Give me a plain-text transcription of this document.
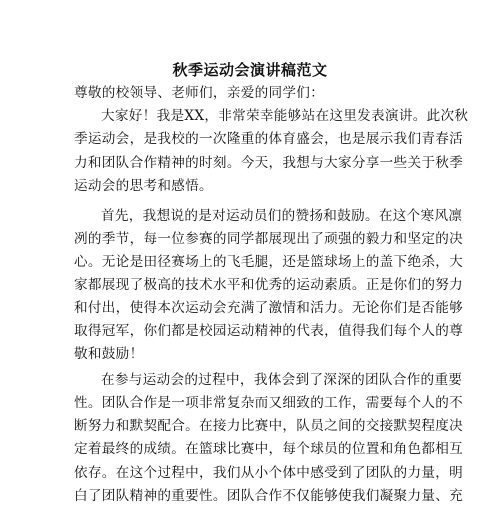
秋季运动会演讲稿范文
尊敬的校领导、老师们，亲爱的同学们：
大家好！我是XX，非常荣幸能够站在这里发表演讲。此次秋
季运动会，是我校的一次隆重的体育盛会，也是展示我们青春活
力和团队合作精神的时刻。今天，我想与大家分享一些关于秋季
运动会的思考和感悟。
首先，我想说的是对运动员们的赞扬和鼓励。在这个寒风凛
冽的季节，每一位参赛的同学都展现出了顽强的毅力和坚定的决
心。无论是田径赛场上的飞毛腿，还是篮球场上的盖下绝杀，大
家都展现了极高的技术水平和优秀的运动素质。正是你们的努力
和付出，使得本次运动会充满了激情和活力。无论你们是否能够
取得冠军，你们都是校园运动精神的代表，值得我们每个人的尊
敬和鼓励！
在参与运动会的过程中，我体会到了深深的团队合作的重要
性。团队合作是一项非常复杂而又细致的工作，需要每个人的不
断努力和默契配合。在接力比赛中，队员之间的交接默契程度决
定着最终的成绩。在篮球比赛中，每个球员的位置和角色都相互
依存。在这个过程中，我们从小个体中感受到了团队的力量，明
白了团队精神的重要性。团队合作不仅能够使我们凝聚力量、充
